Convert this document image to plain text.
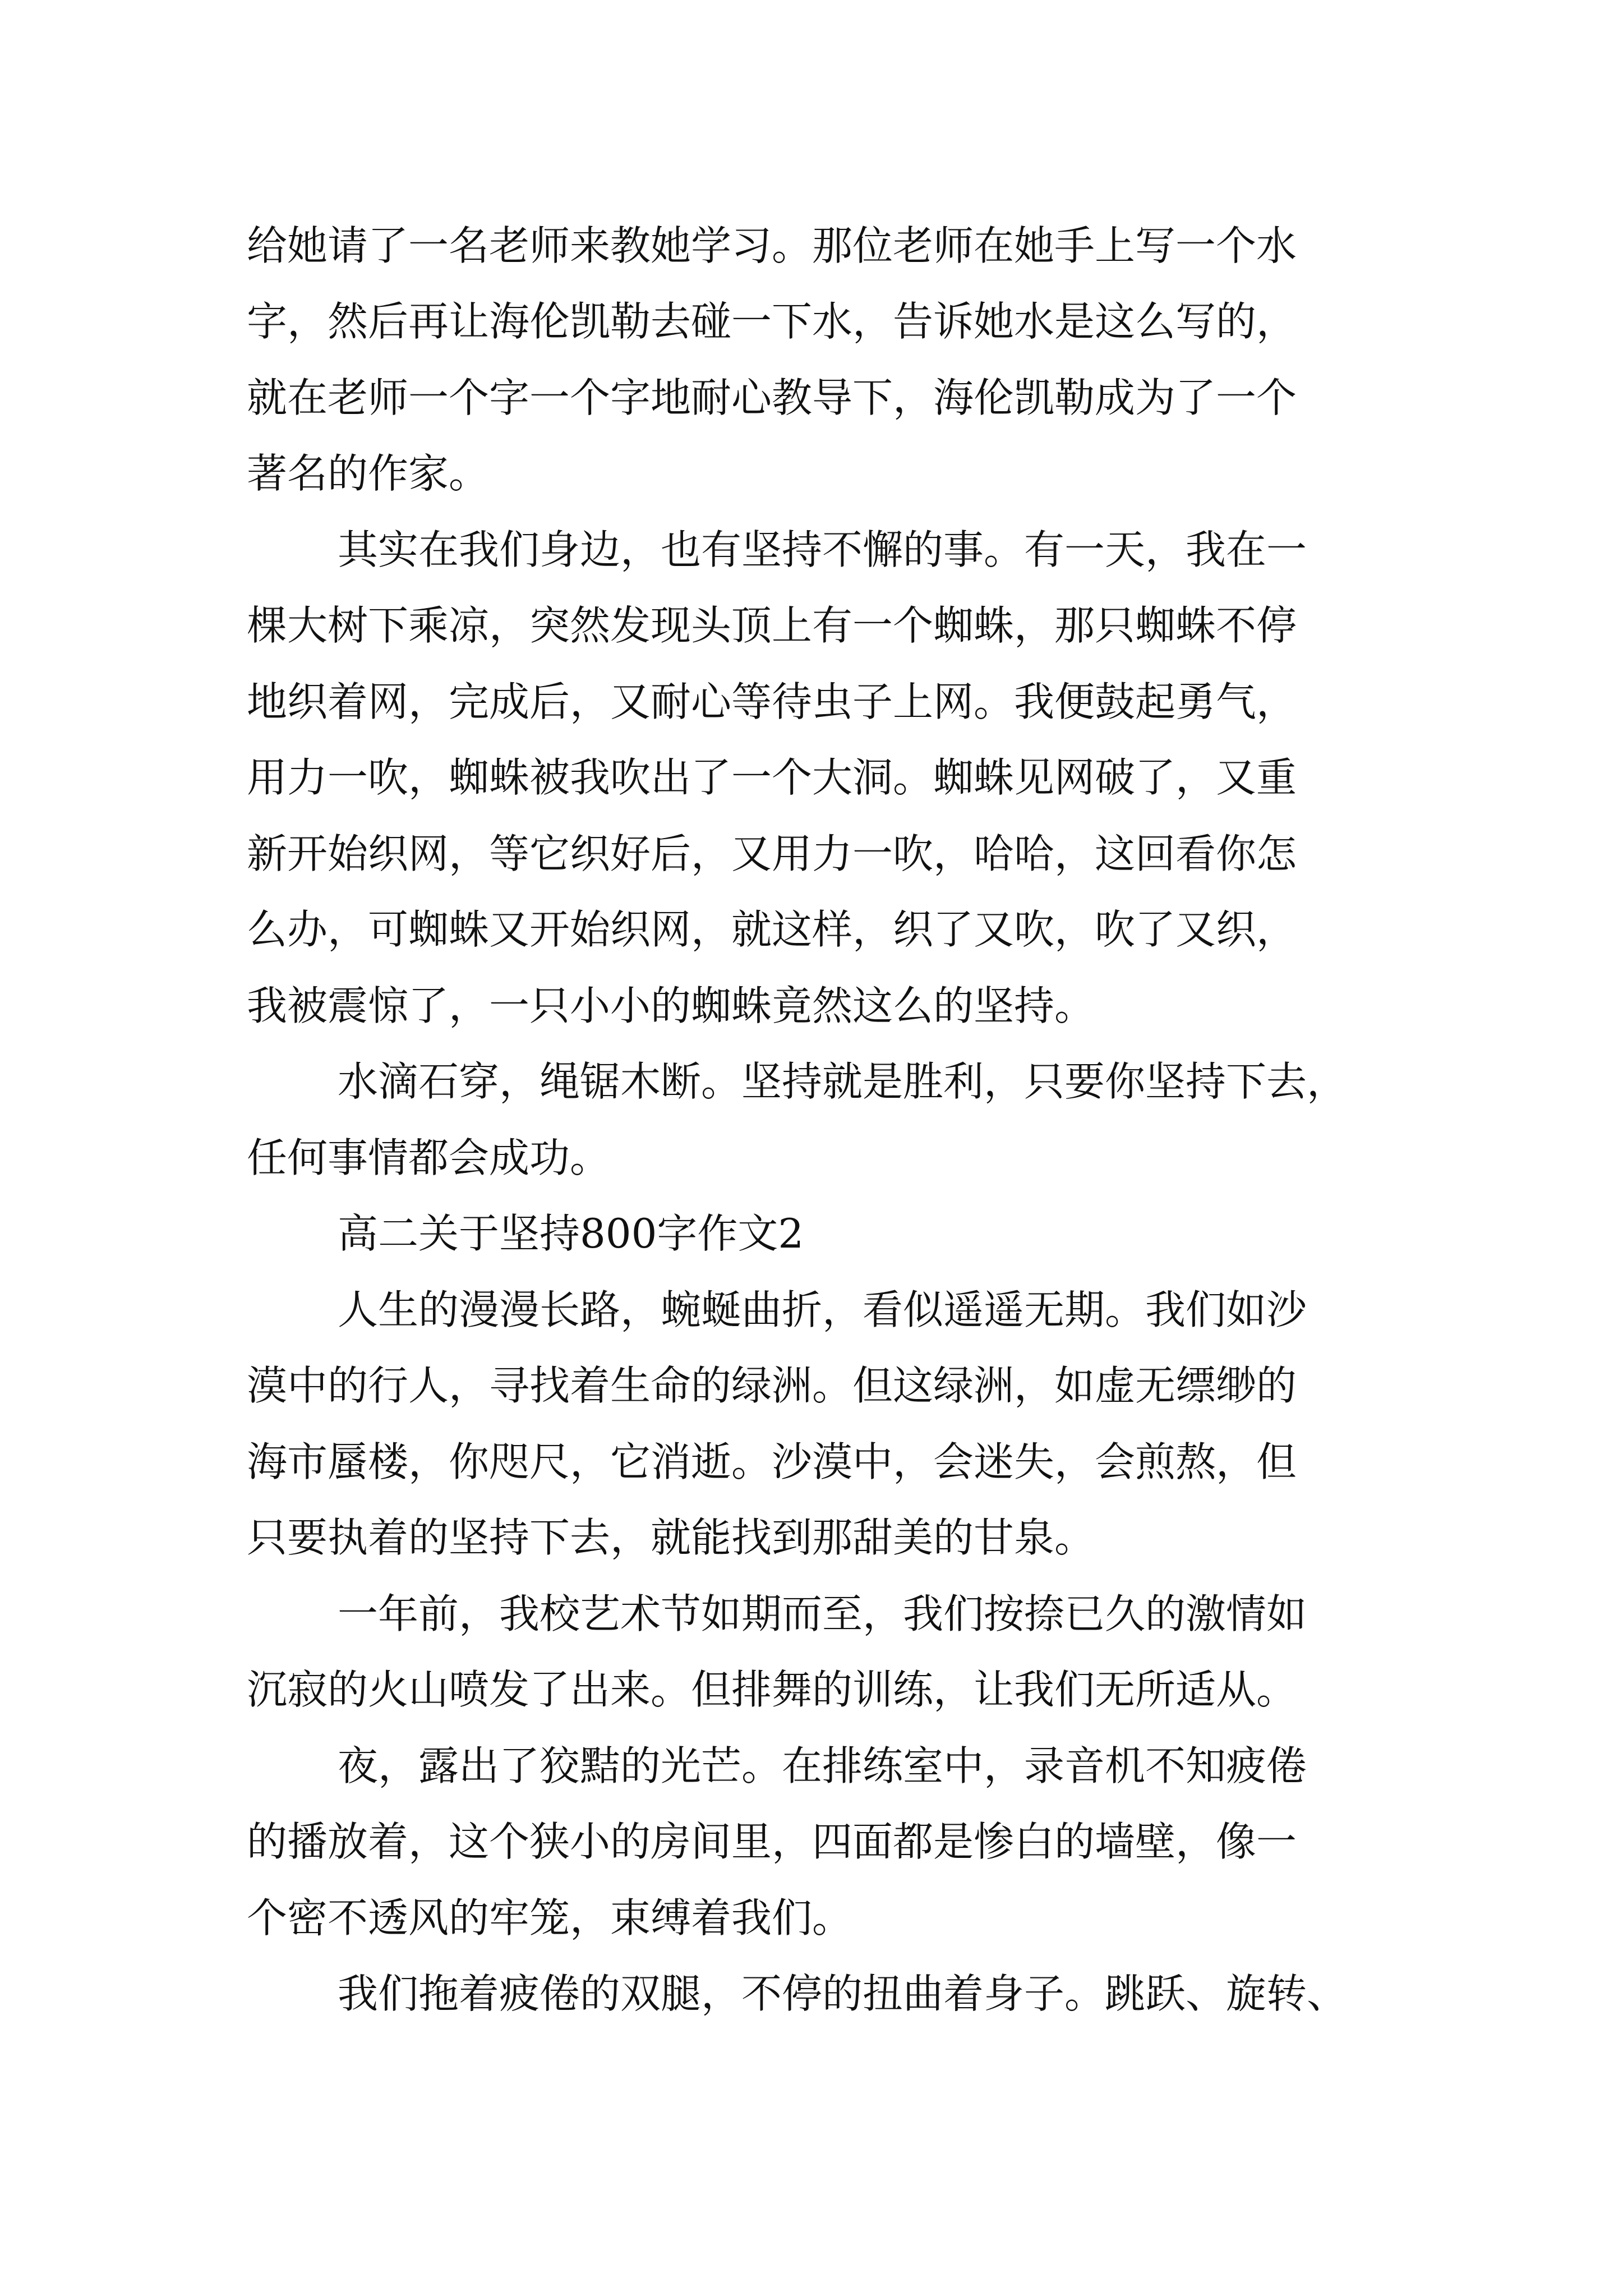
给她请了一名老师来教她学习。那位老师在她手上写一个水

字，然后再让海伦凯勒去碰一下水，告诉她水是这么写的，

就在老师一个字一个字地耐心教导下，海伦凯勒成为了一个

著名的作家。

其实在我们身边，也有坚持不懈的事。有一天，我在一

棵大树下乘凉，突然发现头顶上有一个蜘蛛，那只蜘蛛不停

地织着网，完成后，又耐心等待虫子上网。我便鼓起勇气，

用力一吹，蜘蛛被我吹出了一个大洞。蜘蛛见网破了，又重

新开始织网，等它织好后，又用力一吹，哈哈，这回看你怎

么办，可蜘蛛又开始织网，就这样，织了又吹，吹了又织，

我被震惊了，一只小小的蜘蛛竟然这么的坚持。

水滴石穿，绳锯木断。坚持就是胜利，只要你坚持下去，

任何事情都会成功。

高二关于坚持800字作文2

人生的漫漫长路，蜿蜒曲折，看似遥遥无期。我们如沙

漠中的行人，寻找着生命的绿洲。但这绿洲，如虚无缥缈的

海市蜃楼，你咫尺，它消逝。沙漠中，会迷失，会煎熬，但

只要执着的坚持下去，就能找到那甜美的甘泉。

一年前，我校艺术节如期而至，我们按捺已久的激情如

沉寂的火山喷发了出来。但排舞的训练，让我们无所适从。

夜，露出了狡黠的光芒。在排练室中，录音机不知疲倦

的播放着，这个狭小的房间里，四面都是惨白的墙壁，像一

个密不透风的牢笼，束缚着我们。

我们拖着疲倦的双腿，不停的扭曲着身子。跳跃、旋转、
